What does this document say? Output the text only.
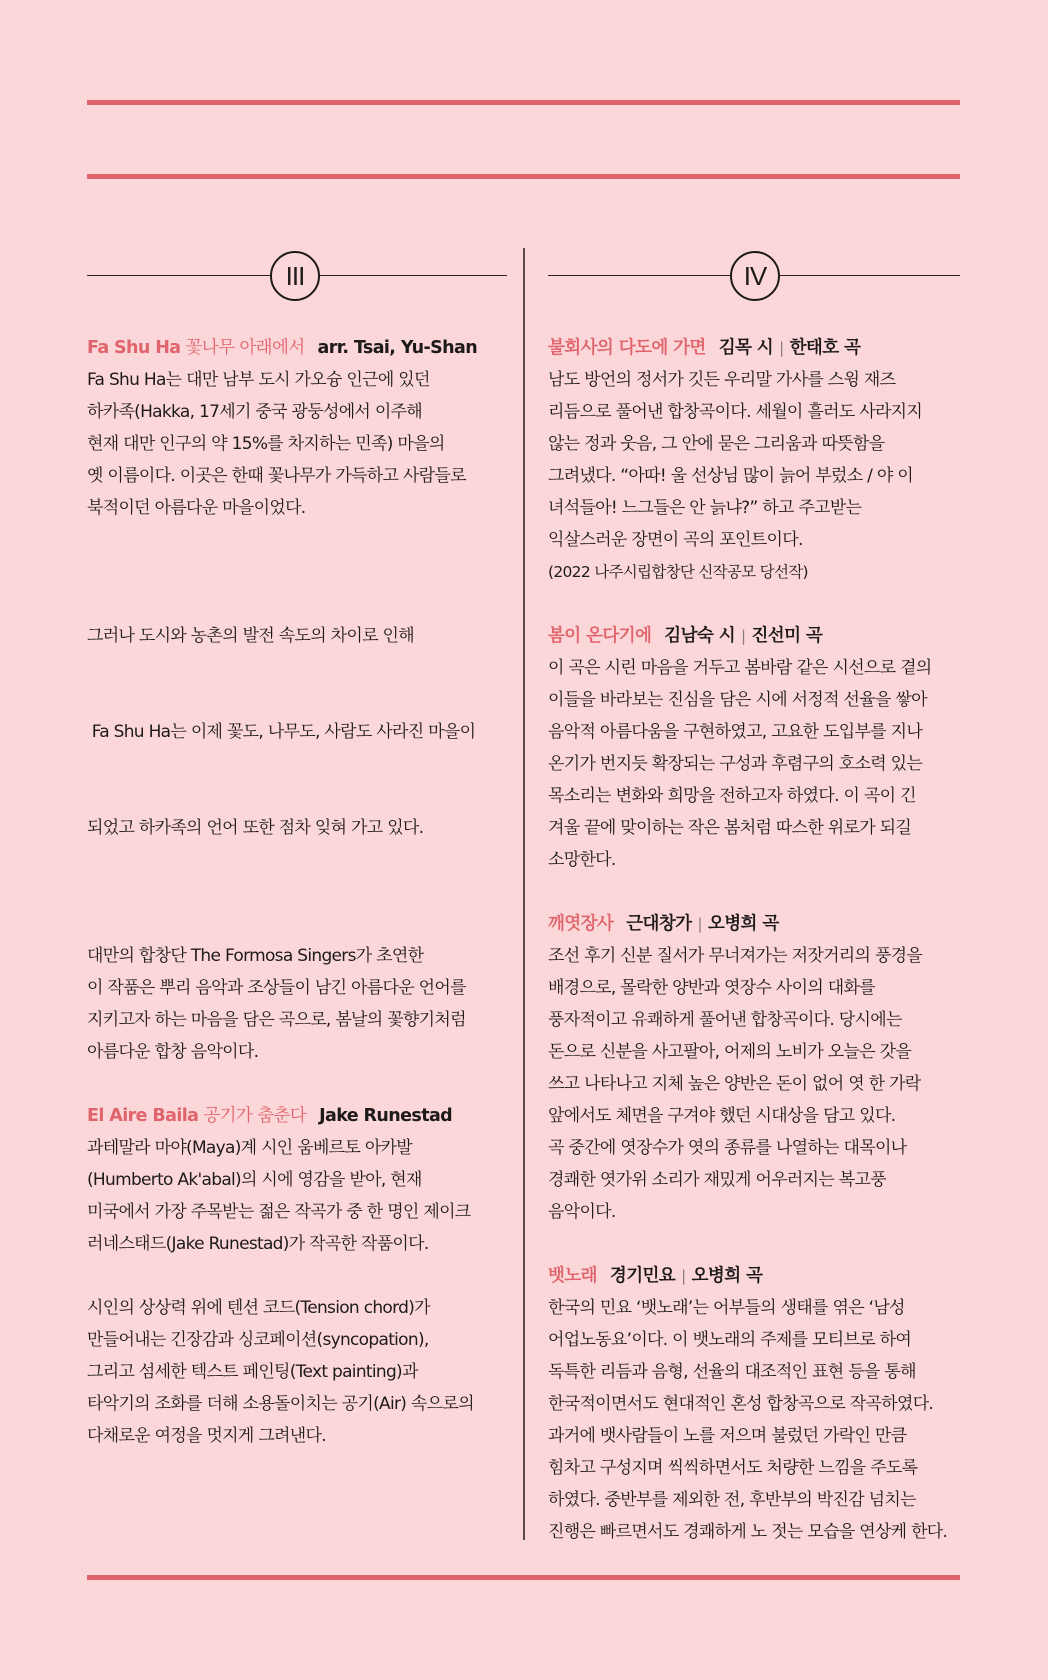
III
Fa Shu Ha 꽃나무 아래에서 arr. Tsai, Yu-Shan
Fa Shu Ha는 대만 남부 도시 가오슝 인근에 있던
하카족(Hakka, 17세기 중국 광둥성에서 이주해
현재 대만 인구의 약 15%를 차지하는 민족) 마을의
옛 이름이다. 이곳은 한때 꽃나무가 가득하고 사람들로
북적이던 아름다운 마을이었다.

그러나 도시와 농촌의 발전 속도의 차이로 인해

Fa Shu Ha는 이제 꽃도, 나무도, 사람도 사라진 마을이

되었고 하카족의 언어 또한 점차 잊혀 가고 있다.

대만의 합창단 The Formosa Singers가 초연한
이 작품은 뿌리 음악과 조상들이 남긴 아름다운 언어를
지키고자 하는 마음을 담은 곡으로, 봄날의 꽃향기처럼
아름다운 합창 음악이다.
El Aire Baila 공기가 춤춘다 Jake Runestad
과테말라 마야(Maya)계 시인 움베르토 아카발
(Humberto Ak'abal)의 시에 영감을 받아, 현재
미국에서 가장 주목받는 젊은 작곡가 중 한 명인 제이크
러네스태드(Jake Runestad)가 작곡한 작품이다.
시인의 상상력 위에 텐션 코드(Tension chord)가
만들어내는 긴장감과 싱코페이션(syncopation),
그리고 섬세한 텍스트 페인팅(Text painting)과
타악기의 조화를 더해 소용돌이치는 공기(Air) 속으로의
다채로운 여정을 멋지게 그려낸다.
IV
불회사의 다도에 가면 김목 시 | 한태호 곡
남도 방언의 정서가 깃든 우리말 가사를 스윙 재즈
리듬으로 풀어낸 합창곡이다. 세월이 흘러도 사라지지
않는 정과 웃음, 그 안에 묻은 그리움과 따뜻함을
그려냈다. “아따! 울 선상님 많이 늙어 부렀소 / 야 이
녀석들아! 느그들은 안 늙냐?” 하고 주고받는
익살스러운 장면이 곡의 포인트이다.
(2022 나주시립합창단 신작공모 당선작)
봄이 온다기에 김남숙 시 | 진선미 곡
이 곡은 시린 마음을 거두고 봄바람 같은 시선으로 곁의
이들을 바라보는 진심을 담은 시에 서정적 선율을 쌓아
음악적 아름다움을 구현하였고, 고요한 도입부를 지나
온기가 번지듯 확장되는 구성과 후렴구의 호소력 있는
목소리는 변화와 희망을 전하고자 하였다. 이 곡이 긴
겨울 끝에 맞이하는 작은 봄처럼 따스한 위로가 되길
소망한다.
깨엿장사 근대창가 | 오병희 곡
조선 후기 신분 질서가 무너져가는 저잣거리의 풍경을
배경으로, 몰락한 양반과 엿장수 사이의 대화를
풍자적이고 유쾌하게 풀어낸 합창곡이다. 당시에는
돈으로 신분을 사고팔아, 어제의 노비가 오늘은 갓을
쓰고 나타나고 지체 높은 양반은 돈이 없어 엿 한 가락
앞에서도 체면을 구겨야 했던 시대상을 담고 있다.
곡 중간에 엿장수가 엿의 종류를 나열하는 대목이나
경쾌한 엿가위 소리가 재밌게 어우러지는 복고풍
음악이다.
뱃노래 경기민요 | 오병희 곡
한국의 민요 ‘뱃노래’는 어부들의 생태를 엮은 ‘남성
어업노동요’이다. 이 뱃노래의 주제를 모티브로 하여
독특한 리듬과 음형, 선율의 대조적인 표현 등을 통해
한국적이면서도 현대적인 혼성 합창곡으로 작곡하였다.
과거에 뱃사람들이 노를 저으며 불렀던 가락인 만큼
힘차고 구성지며 씩씩하면서도 처량한 느낌을 주도록
하였다. 중반부를 제외한 전, 후반부의 박진감 넘치는
진행은 빠르면서도 경쾌하게 노 젓는 모습을 연상케 한다.
